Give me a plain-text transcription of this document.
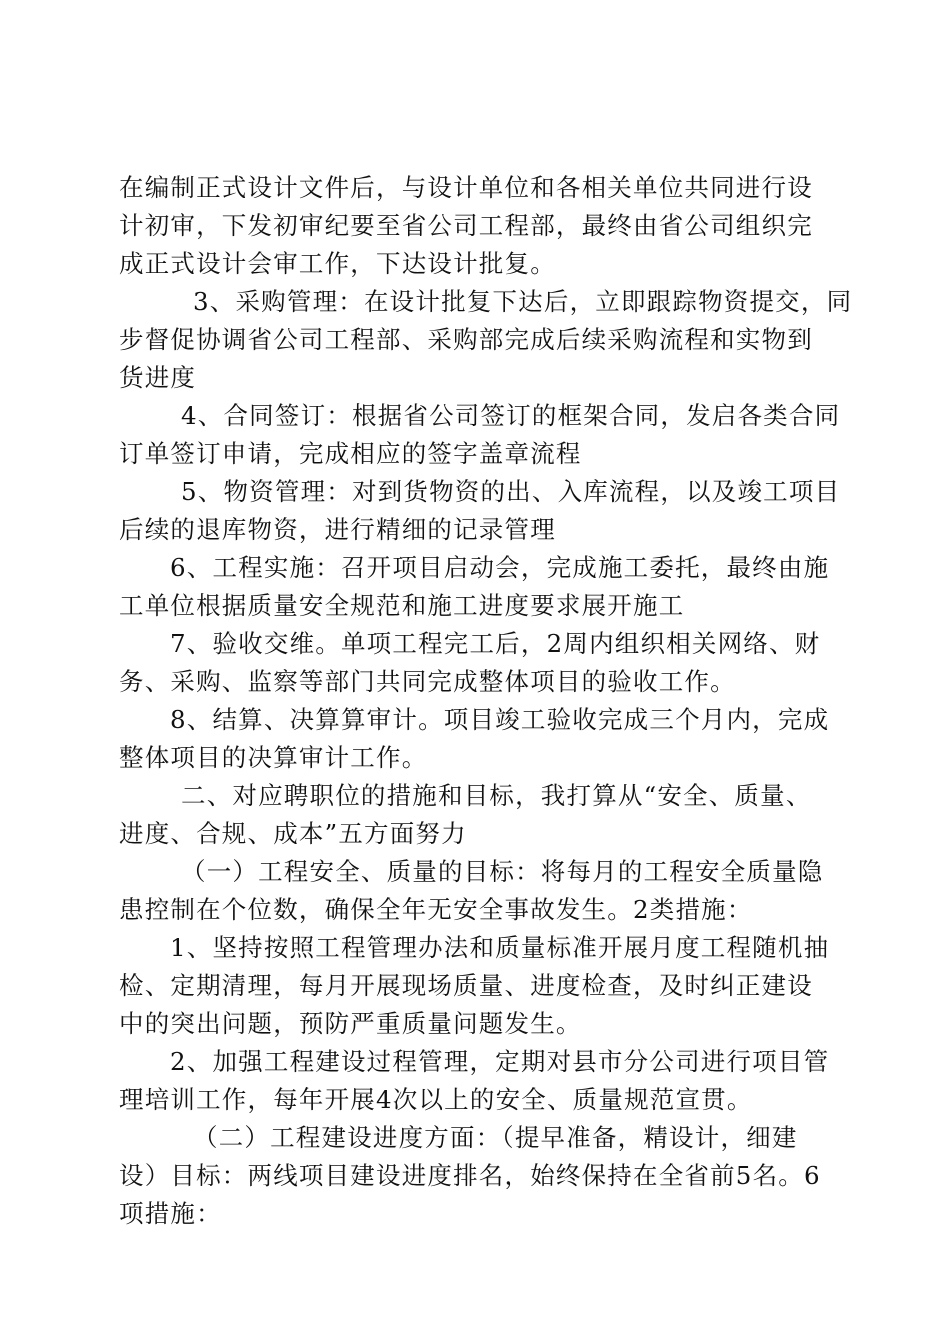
在编制正式设计文件后，与设计单位和各相关单位共同进行设
计初审，下发初审纪要至省公司工程部，最终由省公司组织完
成正式设计会审工作，下达设计批复。
3、采购管理：在设计批复下达后，立即跟踪物资提交，同
步督促协调省公司工程部、采购部完成后续采购流程和实物到
货进度
4、合同签订：根据省公司签订的框架合同，发启各类合同
订单签订申请，完成相应的签字盖章流程
5、物资管理：对到货物资的出、入库流程，以及竣工项目
后续的退库物资，进行精细的记录管理
6、工程实施：召开项目启动会，完成施工委托，最终由施
工单位根据质量安全规范和施工进度要求展开施工
7、验收交维。单项工程完工后，2周内组织相关网络、财
务、采购、监察等部门共同完成整体项目的验收工作。
8、结算、决算算审计。项目竣工验收完成三个月内，完成
整体项目的决算审计工作。
二、对应聘职位的措施和目标，我打算从“安全、质量、
进度、合规、成本”五方面努力
（一）工程安全、质量的目标：将每月的工程安全质量隐
患控制在个位数，确保全年无安全事故发生。2类措施：
1、坚持按照工程管理办法和质量标准开展月度工程随机抽
检、定期清理，每月开展现场质量、进度检查，及时纠正建设
中的突出问题，预防严重质量问题发生。
2、加强工程建设过程管理，定期对县市分公司进行项目管
理培训工作，每年开展4次以上的安全、质量规范宣贯。
（二）工程建设进度方面：（提早准备，精设计，细建
设）目标：两线项目建设进度排名，始终保持在全省前5名。6
项措施：
